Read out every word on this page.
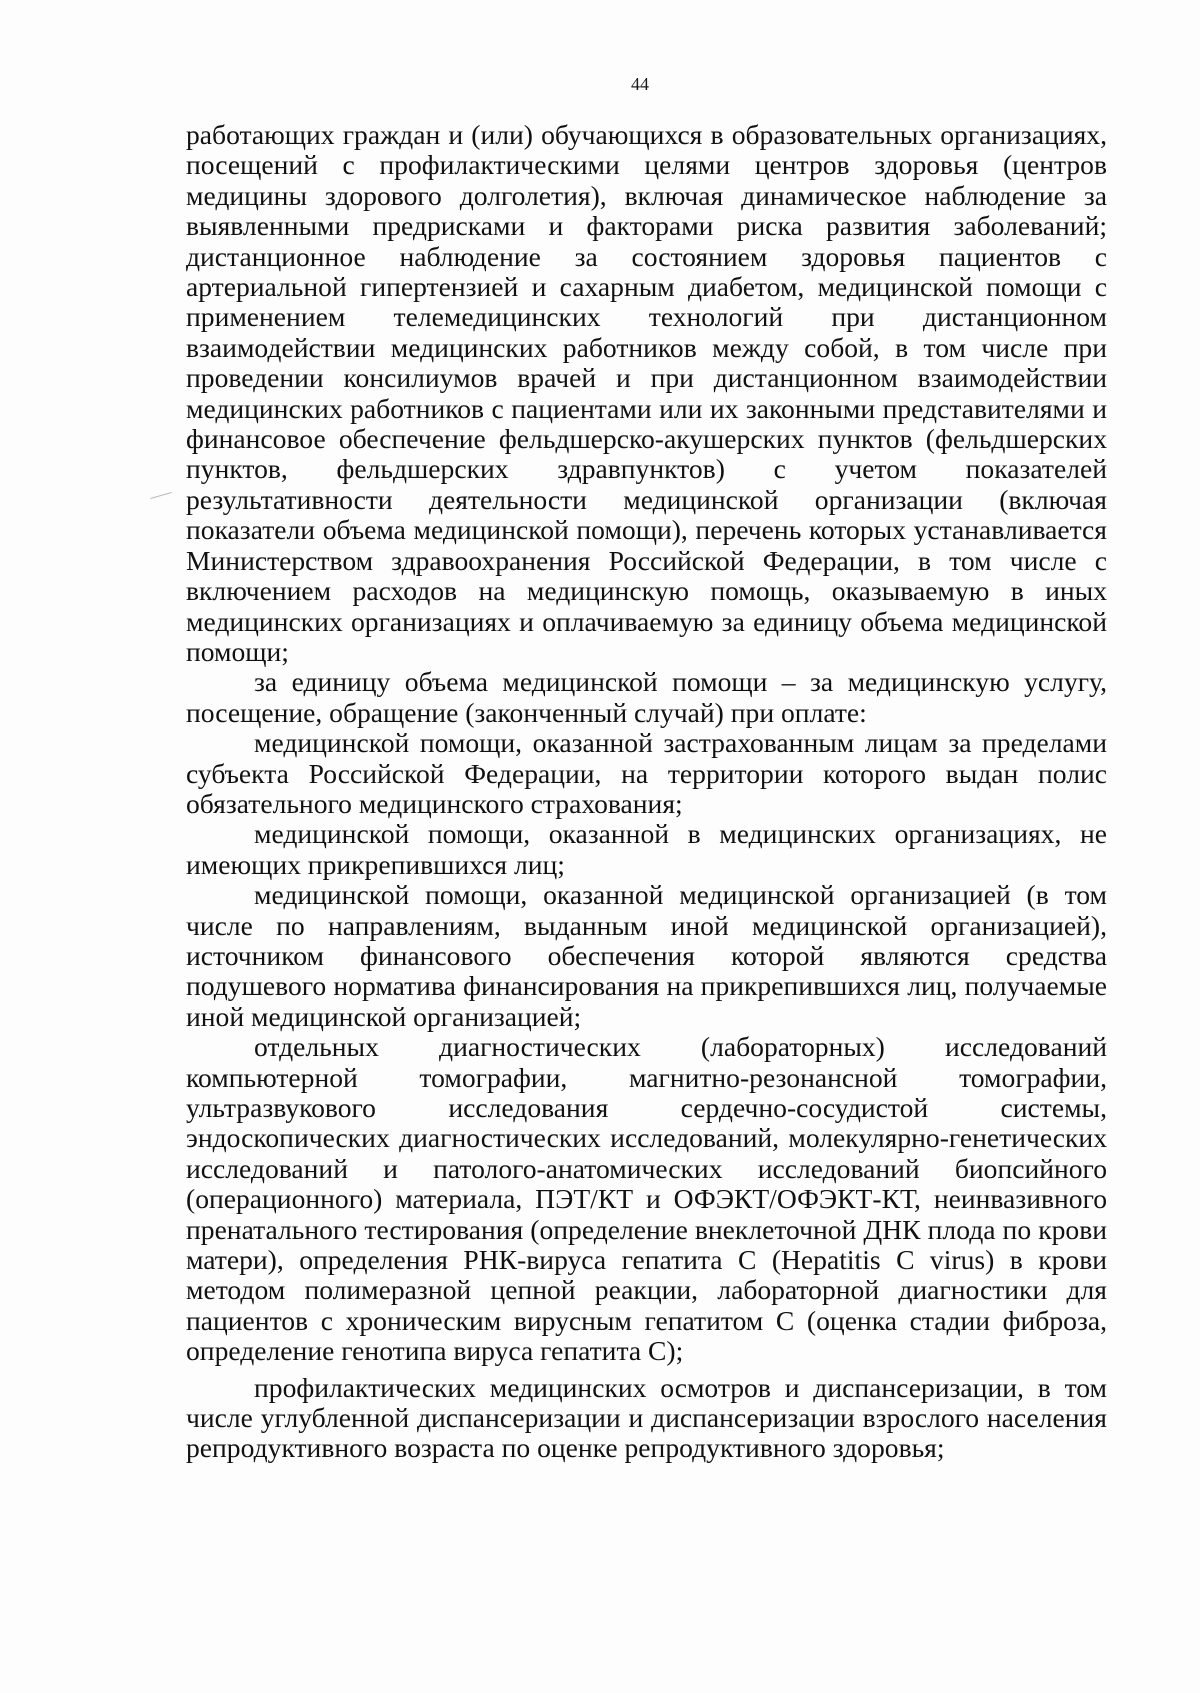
44

работающих граждан и (или) обучающихся в образовательных организациях, посещений с профилактическими целями центров здоровья (центров медицины здорового долголетия), включая динамическое наблюдение за выявленными предрисками и факторами риска развития заболеваний; дистанционное наблюдение за состоянием здоровья пациентов с артериальной гипертензией и сахарным диабетом, медицинской помощи с применением телемедицинских технологий при дистанционном взаимодействии медицинских работников между собой, в том числе при проведении консилиумов врачей и при дистанционном взаимодействии медицинских работников с пациентами или их законными представителями и финансовое обеспечение фельдшерско-акушерских пунктов (фельдшерских пунктов, фельдшерских здравпунктов) с учетом показателей результативности деятельности медицинской организации (включая показатели объема медицинской помощи), перечень которых устанавливается Министерством здравоохранения Российской Федерации, в том числе с включением расходов на медицинскую помощь, оказываемую в иных медицинских организациях и оплачиваемую за единицу объема медицинской помощи;

за единицу объема медицинской помощи – за медицинскую услугу, посещение, обращение (законченный случай) при оплате:

медицинской помощи, оказанной застрахованным лицам за пределами субъекта Российской Федерации, на территории которого выдан полис обязательного медицинского страхования;

медицинской помощи, оказанной в медицинских организациях, не имеющих прикрепившихся лиц;

медицинской помощи, оказанной медицинской организацией (в том числе по направлениям, выданным иной медицинской организацией), источником финансового обеспечения которой являются средства подушевого норматива финансирования на прикрепившихся лиц, получаемые иной медицинской организацией;

отдельных диагностических (лабораторных) исследований компьютерной томографии, магнитно-резонансной томографии, ультразвукового исследования сердечно-сосудистой системы, эндоскопических диагностических исследований, молекулярно-генетических исследований и патолого-анатомических исследований биопсийного (операционного) материала, ПЭТ/КТ и ОФЭКТ/ОФЭКТ-КТ, неинвазивного пренатального тестирования (определение внеклеточной ДНК плода по крови матери), определения РНК-вируса гепатита C (Hepatitis C virus) в крови методом полимеразной цепной реакции, лабораторной диагностики для пациентов с хроническим вирусным гепатитом C (оценка стадии фиброза, определение генотипа вируса гепатита C);

профилактических медицинских осмотров и диспансеризации, в том числе углубленной диспансеризации и диспансеризации взрослого населения репродуктивного возраста по оценке репродуктивного здоровья;
